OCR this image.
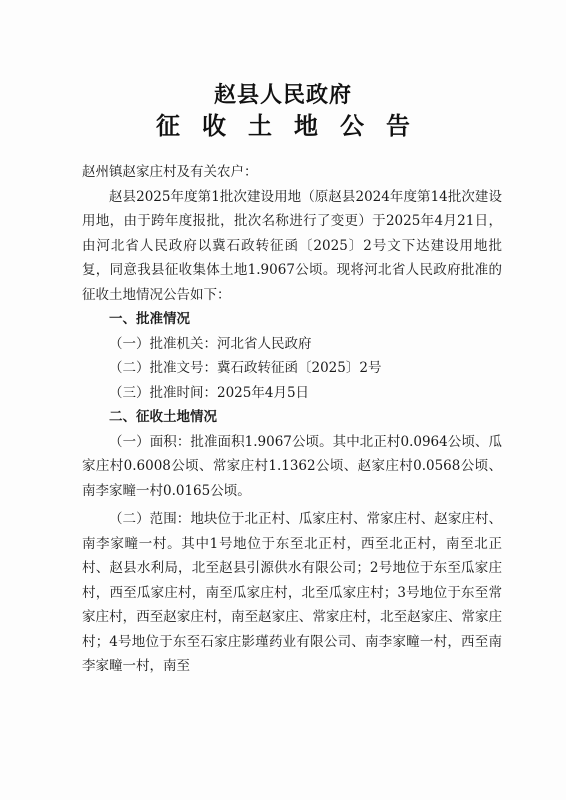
赵县人民政府
征收土地公告

赵州镇赵家庄村及有关农户：

赵县2025年度第1批次建设用地（原赵县2024年度第14批次建设用地，由于跨年度报批，批次名称进行了变更）于2025年4月21日，由河北省人民政府以冀石政转征函〔2025〕2号文下达建设用地批复，同意我县征收集体土地1.9067公顷。现将河北省人民政府批准的征收土地情况公告如下：

一、批准情况

（一）批准机关：河北省人民政府

（二）批准文号：冀石政转征函〔2025〕2号

（三）批准时间：2025年4月5日

二、征收土地情况

（一）面积：批准面积1.9067公顷。其中北正村0.0964公顷、瓜家庄村0.6008公顷、常家庄村1.1362公顷、赵家庄村0.0568公顷、南李家疃一村0.0165公顷。

（二）范围：地块位于北正村、瓜家庄村、常家庄村、赵家庄村、南李家疃一村。其中1号地位于东至北正村，西至北正村，南至北正村、赵县水利局，北至赵县引源供水有限公司；2号地位于东至瓜家庄村，西至瓜家庄村，南至瓜家庄村，北至瓜家庄村；3号地位于东至常家庄村，西至赵家庄村，南至赵家庄、常家庄村，北至赵家庄、常家庄村；4号地位于东至石家庄影瑾药业有限公司、南李家疃一村，西至南李家疃一村，南至
